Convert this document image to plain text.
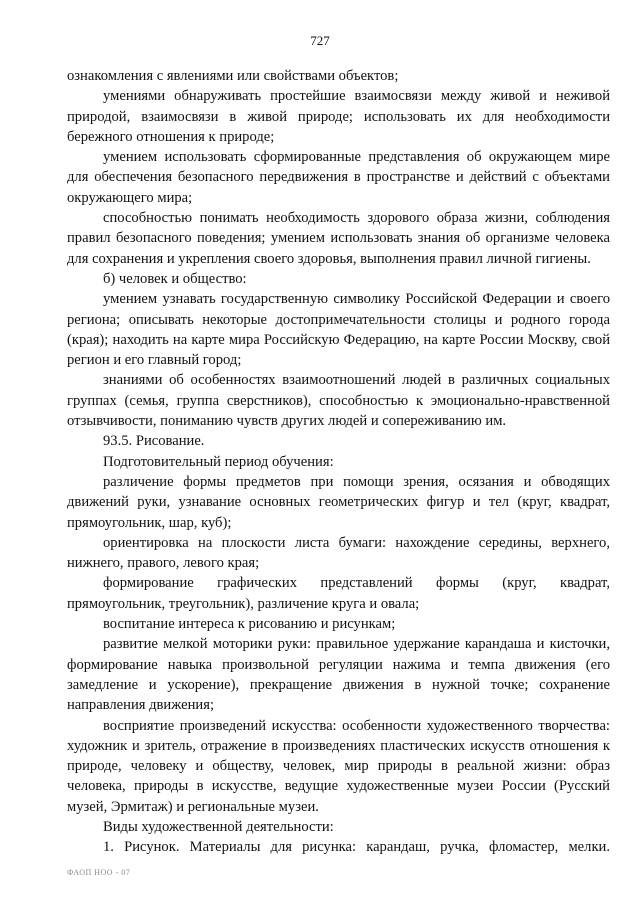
727

ознакомления с явлениями или свойствами объектов;

умениями обнаруживать простейшие взаимосвязи между живой и неживой природой, взаимосвязи в живой природе; использовать их для необходимости бережного отношения к природе;

умением использовать сформированные представления об окружающем мире для обеспечения безопасного передвижения в пространстве и действий с объектами окружающего мира;

способностью понимать необходимость здорового образа жизни, соблюдения правил безопасного поведения; умением использовать знания об организме человека для сохранения и укрепления своего здоровья, выполнения правил личной гигиены.

б) человек и общество:

умением узнавать государственную символику Российской Федерации и своего региона; описывать некоторые достопримечательности столицы и родного города (края); находить на карте мира Российскую Федерацию, на карте России Москву, свой регион и его главный город;

знаниями об особенностях взаимоотношений людей в различных социальных группах (семья, группа сверстников), способностью к эмоционально-нравственной отзывчивости, пониманию чувств других людей и сопереживанию им.

93.5. Рисование.

Подготовительный период обучения:

различение формы предметов при помощи зрения, осязания и обводящих движений руки, узнавание основных геометрических фигур и тел (круг, квадрат, прямоугольник, шар, куб);

ориентировка на плоскости листа бумаги: нахождение середины, верхнего, нижнего, правого, левого края;

формирование графических представлений формы (круг, квадрат, прямоугольник, треугольник), различение круга и овала;

воспитание интереса к рисованию и рисункам;

развитие мелкой моторики руки: правильное удержание карандаша и кисточки, формирование навыка произвольной регуляции нажима и темпа движения (его замедление и ускорение), прекращение движения в нужной точке; сохранение направления движения;

восприятие произведений искусства: особенности художественного творчества: художник и зритель, отражение в произведениях пластических искусств отношения к природе, человеку и обществу, человек, мир природы в реальной жизни: образ человека, природы в искусстве, ведущие художественные музеи России (Русский музей, Эрмитаж) и региональные музеи.

Виды художественной деятельности:

1. Рисунок. Материалы для рисунка: карандаш, ручка, фломастер, мелки.

ФАОП НОО - 07
